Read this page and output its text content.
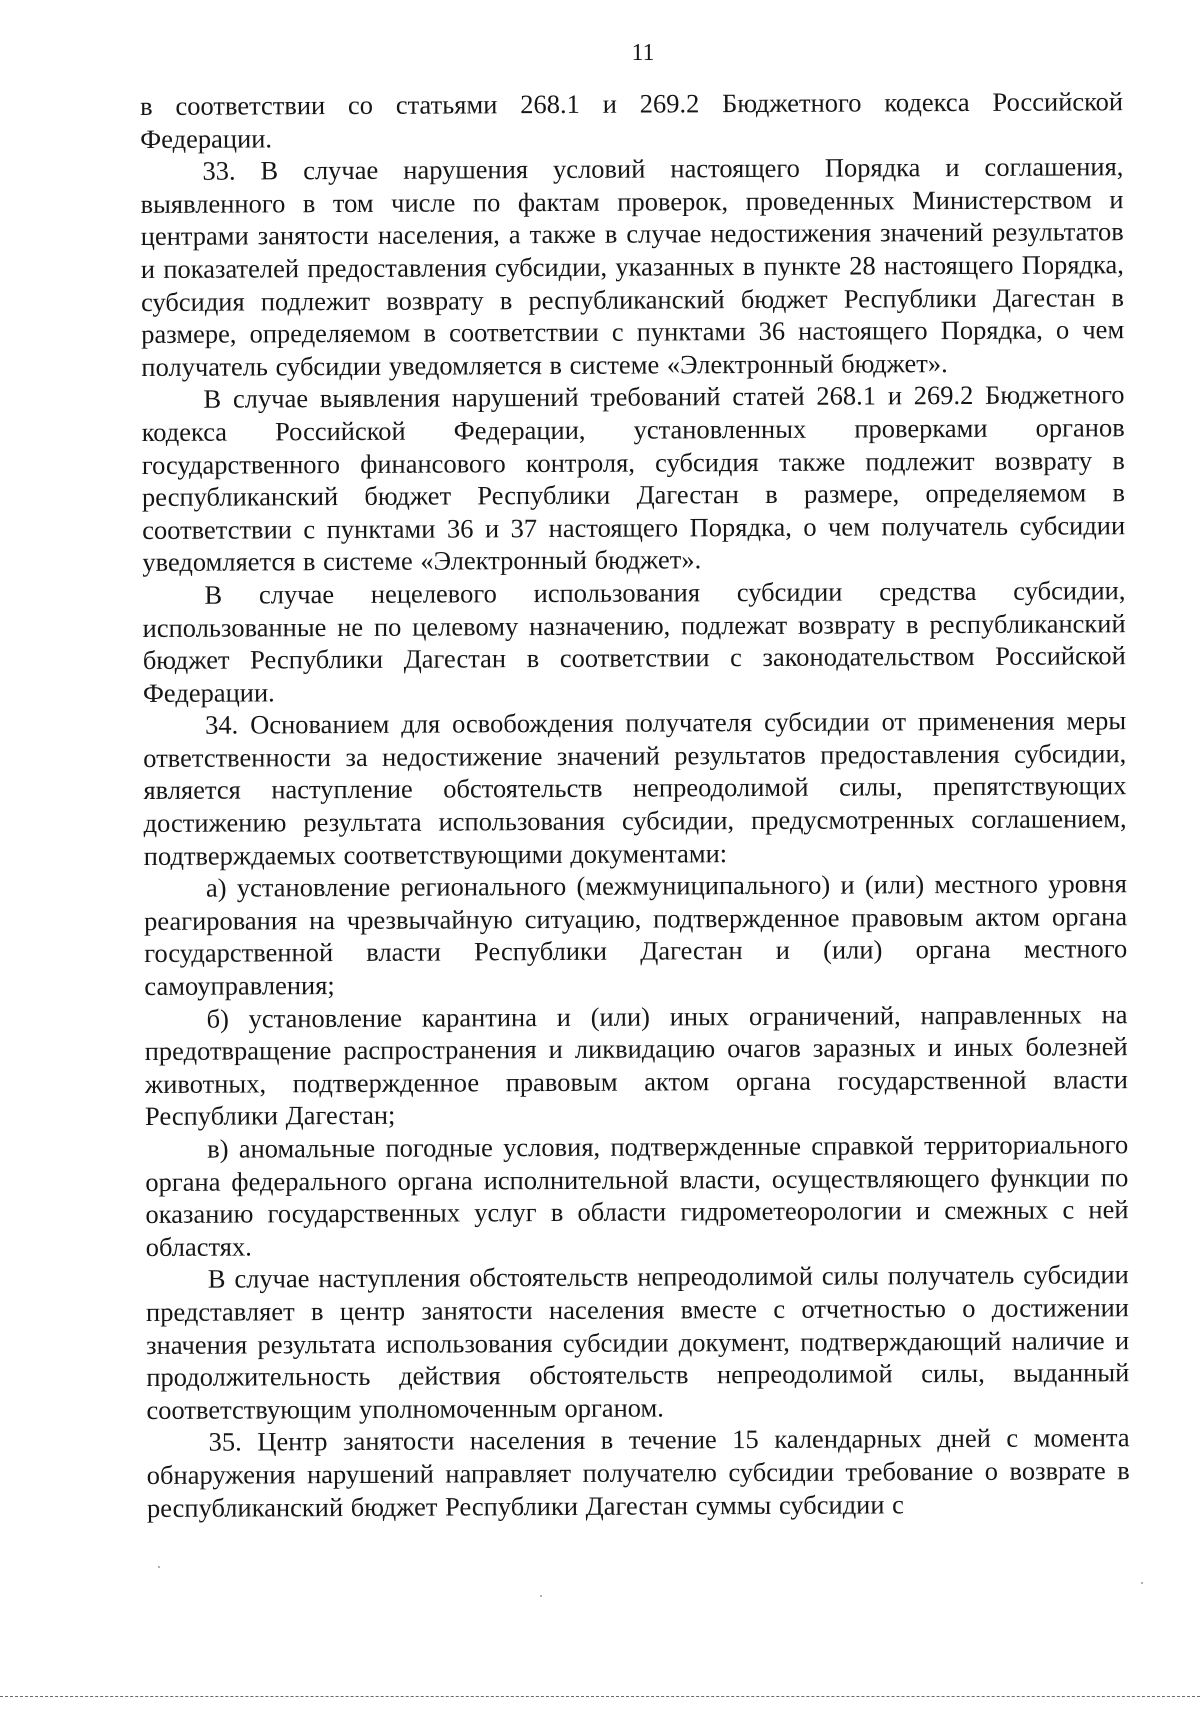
11

в соответствии со статьями 268.1 и 269.2 Бюджетного кодекса Российской Федерации.

33. В случае нарушения условий настоящего Порядка и соглашения, выявленного в том числе по фактам проверок, проведенных Министерством и центрами занятости населения, а также в случае недостижения значений результатов и показателей предоставления субсидии, указанных в пункте 28 настоящего Порядка, субсидия подлежит возврату в республиканский бюджет Республики Дагестан в размере, определяемом в соответствии с пунктами 36 настоящего Порядка, о чем получатель субсидии уведомляется в системе «Электронный бюджет».

В случае выявления нарушений требований статей 268.1 и 269.2 Бюджетного кодекса Российской Федерации, установленных проверками органов государственного финансового контроля, субсидия также подлежит возврату в республиканский бюджет Республики Дагестан в размере, определяемом в соответствии с пунктами 36 и 37 настоящего Порядка, о чем получатель субсидии уведомляется в системе «Электронный бюджет».

В случае нецелевого использования субсидии средства субсидии, использованные не по целевому назначению, подлежат возврату в республиканский бюджет Республики Дагестан в соответствии с законодательством Российской Федерации.

34. Основанием для освобождения получателя субсидии от применения меры ответственности за недостижение значений результатов предоставления субсидии, является наступление обстоятельств непреодолимой силы, препятствующих достижению результата использования субсидии, предусмотренных соглашением, подтверждаемых соответствующими документами:

а) установление регионального (межмуниципального) и (или) местного уровня реагирования на чрезвычайную ситуацию, подтвержденное правовым актом органа государственной власти Республики Дагестан и (или) органа местного самоуправления;

б) установление карантина и (или) иных ограничений, направленных на предотвращение распространения и ликвидацию очагов заразных и иных болезней животных, подтвержденное правовым актом органа государственной власти Республики Дагестан;

в) аномальные погодные условия, подтвержденные справкой территориального органа федерального органа исполнительной власти, осуществляющего функции по оказанию государственных услуг в области гидрометеорологии и смежных с ней областях.

В случае наступления обстоятельств непреодолимой силы получатель субсидии представляет в центр занятости населения вместе с отчетностью о достижении значения результата использования субсидии документ, подтверждающий наличие и продолжительность действия обстоятельств непреодолимой силы, выданный соответствующим уполномоченным органом.

35. Центр занятости населения в течение 15 календарных дней с момента обнаружения нарушений направляет получателю субсидии требование о возврате в республиканский бюджет Республики Дагестан суммы субсидии с
